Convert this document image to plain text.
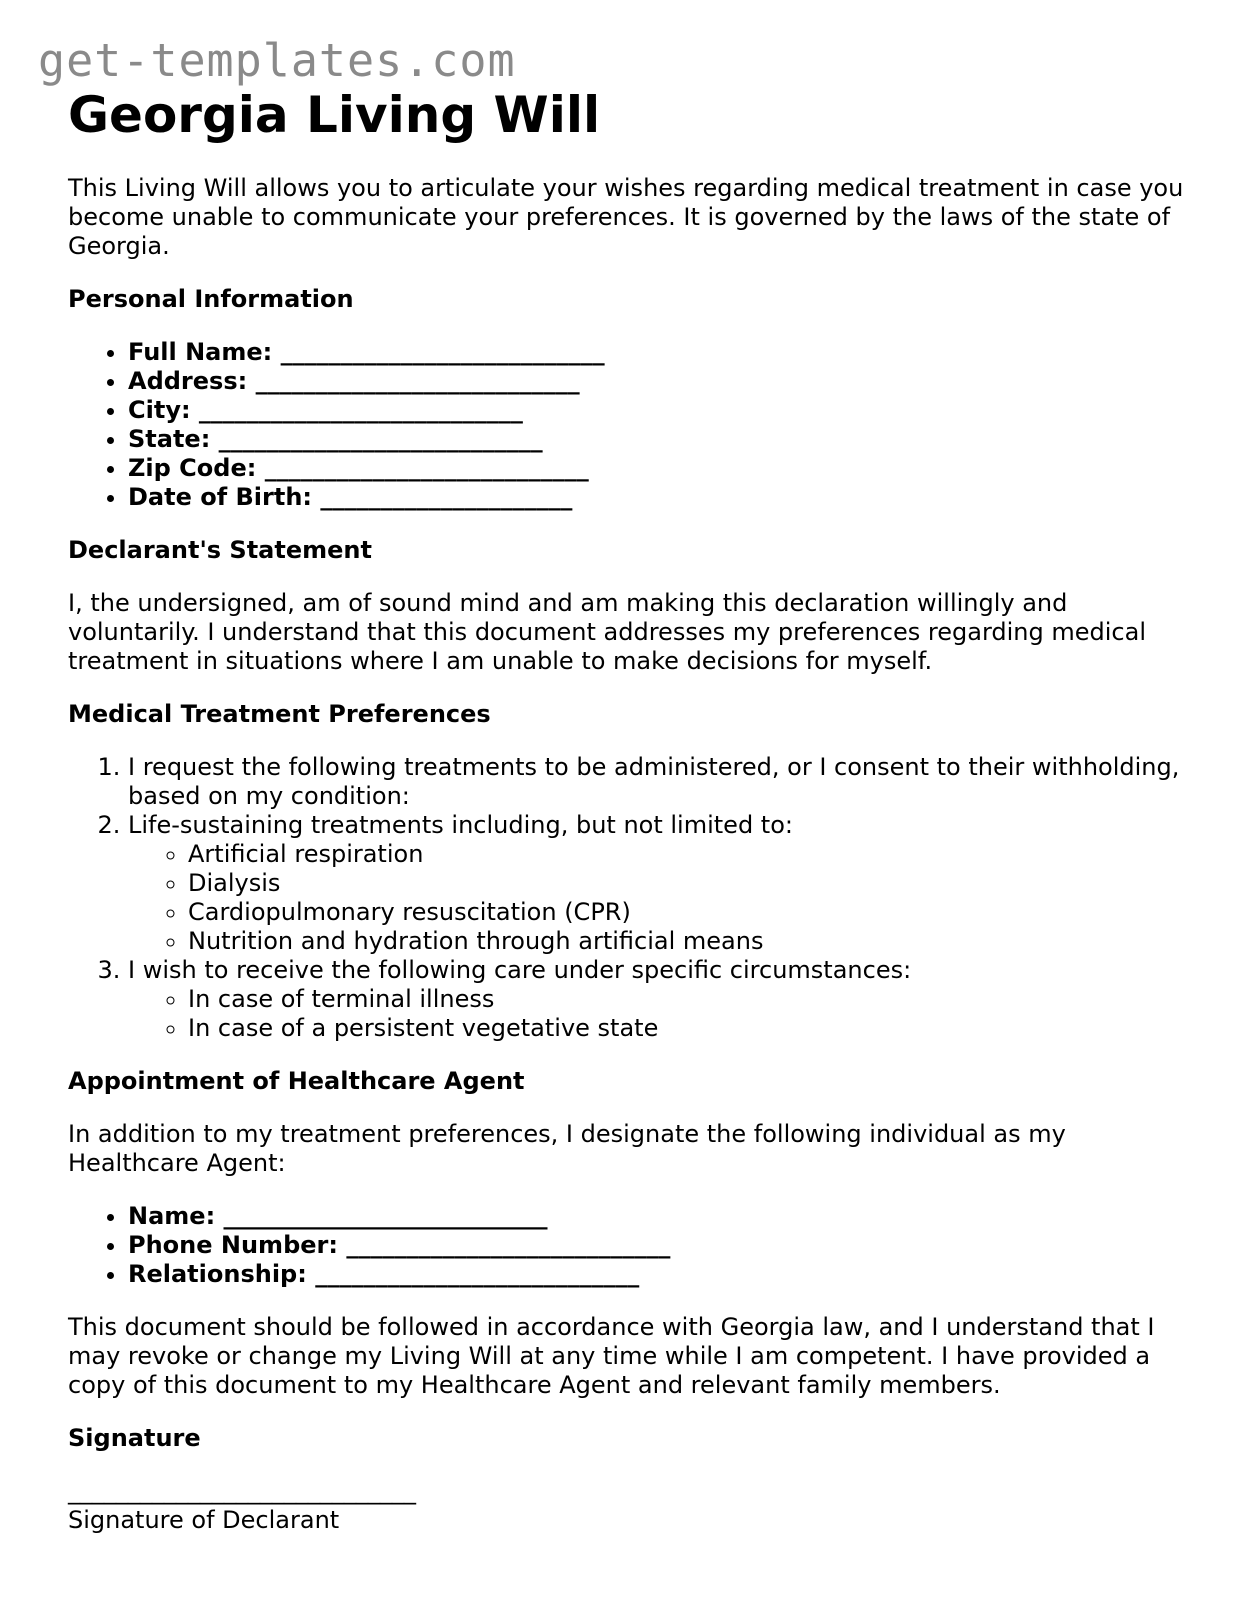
get-templates.com
Georgia Living Will

This Living Will allows you to articulate your wishes regarding medical treatment in case you become unable to communicate your preferences. It is governed by the laws of the state of Georgia.

Personal Information
• Full Name: ___________________________
• Address: ___________________________
• City: ___________________________
• State: ___________________________
• Zip Code: ___________________________
• Date of Birth: _____________________
Declarant's Statement

I, the undersigned, am of sound mind and am making this declaration willingly and voluntarily. I understand that this document addresses my preferences regarding medical treatment in situations where I am unable to make decisions for myself.

Medical Treatment Preferences
1. I request the following treatments to be administered, or I consent to their withholding, based on my condition:
2. Life-sustaining treatments including, but not limited to:
◦ Artificial respiration
◦ Dialysis
◦ Cardiopulmonary resuscitation (CPR)
◦ Nutrition and hydration through artificial means
3. I wish to receive the following care under specific circumstances:
◦ In case of terminal illness
◦ In case of a persistent vegetative state
Appointment of Healthcare Agent

In addition to my treatment preferences, I designate the following individual as my Healthcare Agent:

• Name: ___________________________
• Phone Number: ___________________________
• Relationship: ___________________________

This document should be followed in accordance with Georgia law, and I understand that I may revoke or change my Living Will at any time while I am competent. I have provided a copy of this document to my Healthcare Agent and relevant family members.

Signature
_____________________________
Signature of Declarant
